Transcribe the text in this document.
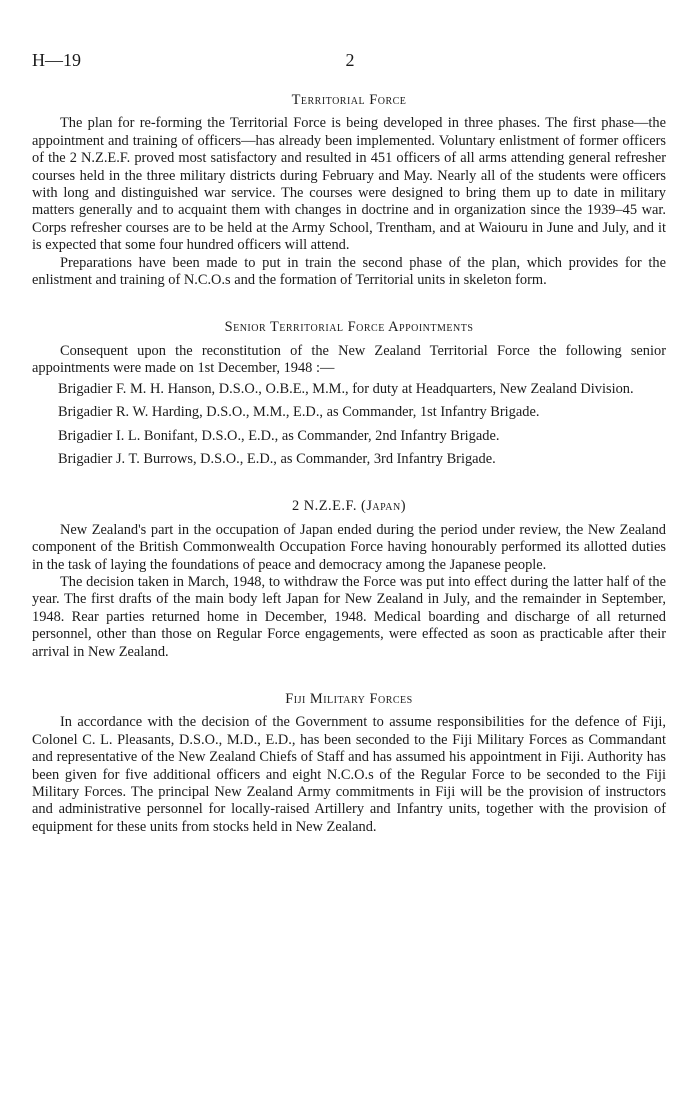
H—19	2
Territorial Force

The plan for re-forming the Territorial Force is being developed in three phases. The first phase—the appointment and training of officers—has already been implemented. Voluntary enlistment of former officers of the 2 N.Z.E.F. proved most satisfactory and resulted in 451 officers of all arms attending general refresher courses held in the three military districts during February and May. Nearly all of the students were officers with long and distinguished war service. The courses were designed to bring them up to date in military matters generally and to acquaint them with changes in doctrine and in organization since the 1939–45 war. Corps refresher courses are to be held at the Army School, Trentham, and at Waiouru in June and July, and it is expected that some four hundred officers will attend.

Preparations have been made to put in train the second phase of the plan, which provides for the enlistment and training of N.C.O.s and the formation of Territorial units in skeleton form.

Senior Territorial Force Appointments

Consequent upon the reconstitution of the New Zealand Territorial Force the following senior appointments were made on 1st December, 1948 :—

Brigadier F. M. H. Hanson, D.S.O., O.B.E., M.M., for duty at Headquarters, New Zealand Division.
Brigadier R. W. Harding, D.S.O., M.M., E.D., as Commander, 1st Infantry Brigade.
Brigadier I. L. Bonifant, D.S.O., E.D., as Commander, 2nd Infantry Brigade.
Brigadier J. T. Burrows, D.S.O., E.D., as Commander, 3rd Infantry Brigade.
2 N.Z.E.F. (Japan)

New Zealand's part in the occupation of Japan ended during the period under review, the New Zealand component of the British Commonwealth Occupation Force having honourably performed its allotted duties in the task of laying the foundations of peace and democracy among the Japanese people.

The decision taken in March, 1948, to withdraw the Force was put into effect during the latter half of the year. The first drafts of the main body left Japan for New Zealand in July, and the remainder in September, 1948. Rear parties returned home in December, 1948. Medical boarding and discharge of all returned personnel, other than those on Regular Force engagements, were effected as soon as practicable after their arrival in New Zealand.

Fiji Military Forces

In accordance with the decision of the Government to assume responsibilities for the defence of Fiji, Colonel C. L. Pleasants, D.S.O., M.D., E.D., has been seconded to the Fiji Military Forces as Commandant and representative of the New Zealand Chiefs of Staff and has assumed his appointment in Fiji. Authority has been given for five additional officers and eight N.C.O.s of the Regular Force to be seconded to the Fiji Military Forces. The principal New Zealand Army commitments in Fiji will be the provision of instructors and administrative personnel for locally-raised Artillery and Infantry units, together with the provision of equipment for these units from stocks held in New Zealand.
